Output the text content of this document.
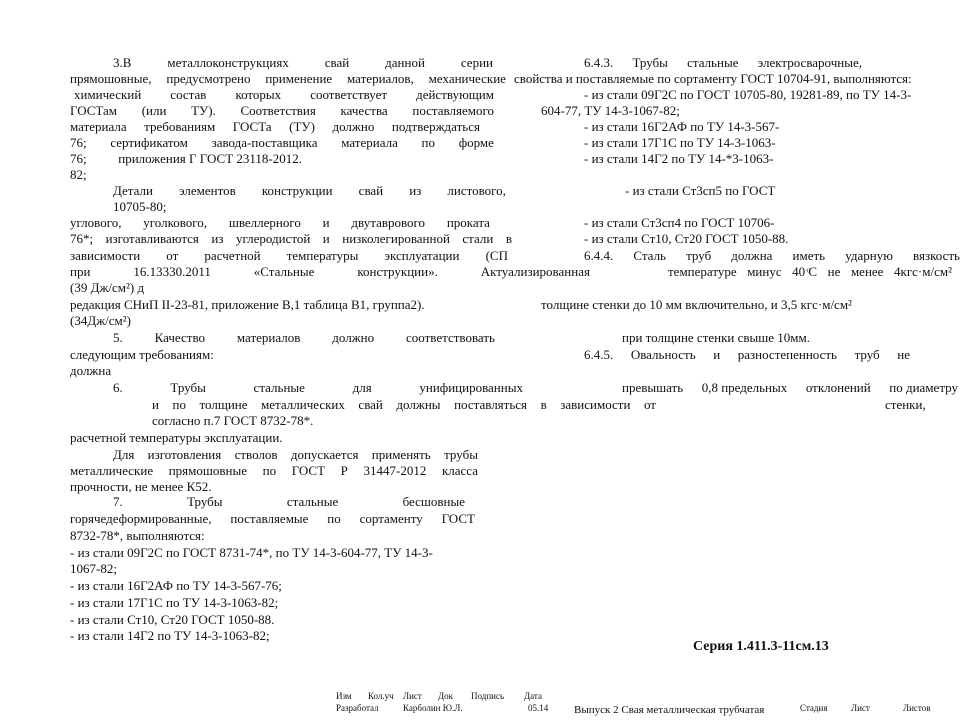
3.В	металлоконструкциях	свай	данной	серии
прямошовные, предусмотрено применение материалов, механические
химический состав которых соответствует действующим
ГОСТам (или ТУ). Соответствия качества поставляемого
материала требованиям ГОСТа (ТУ) должно подтверждаться
76; сертификатом завода-поставщика материала по форме
76; приложения Г ГОСТ 23118-2012.
82;
Детали элементов конструкции свай из листового,
10705-80;
углового, уголкового, швеллерного и двутаврового проката
76*; изготавливаются из углеродистой и низколегированной стали в
зависимости от расчетной температуры эксплуатации (СП
при	16.13330.2011	«Стальные	конструкции».	Актуализированная
(39 Дж/см²) д
редакция СНиП II-23-81, приложение В,1 таблица В1, группа2).
(34Дж/см²)
5. Качество материалов должно соответствовать
следующим требованиям:
должна
6.	Трубы	стальные	для	унифицированных
и по толщине металлических свай должны поставляться в зависимости от
согласно п.7 ГОСТ 8732-78*.
расчетной температуры эксплуатации.
Для изготовления стволов допускается применять трубы
металлические прямошовные по ГОСТ Р 31447-2012 класса
прочности, не менее К52.
7.	Трубы	стальные	бесшовные
горячедеформированные, поставляемые по сортаменту ГОСТ
8732-78*, выполняются:
- из стали 09Г2С по ГОСТ 8731-74*, по ТУ 14-3-604-77, ТУ 14-3-
1067-82;
- из стали 16Г2АФ по ТУ 14-3-567-76;
- из стали 17Г1С по ТУ 14-3-1063-82;
- из стали Ст10, Ст20 ГОСТ 1050-88.
- из стали 14Г2 по ТУ 14-3-1063-82;
6.4.3. Трубы стальные электросварочные,
свойства и поставляемые по сортаменту ГОСТ 10704-91, выполняются:
- из стали 09Г2С по ГОСТ 10705-80, 19281-89, по ТУ 14-3-
604-77, ТУ 14-3-1067-82;
- из стали 16Г2АФ по ТУ 14-3-567-
- из стали 17Г1С по ТУ 14-3-1063-
- из стали 14Г2 по ТУ 14-*3-1063-
- из стали Ст3сп5 по ГОСТ
- из стали Ст3сп4 по ГОСТ 10706-
- из стали Ст10, Ст20 ГОСТ 1050-88.
6.4.4. Сталь труб должна иметь ударную вязкость
температуре минус 40 ͦС не менее 4кгс·м/см²
толщине стенки до 10 мм включительно, и 3,5 кгс·м/см²
при толщине стенки свыше 10мм.
6.4.5. Овальность и разностепенность труб не
превышать 0,8 предельных отклонений по диаметру
стенки,
Серия 1.411.3-11см.13
Изм Кол.уч Лист Док Подпись Дата
Разработал	Карболин Ю.Л.	05.14 Выпуск 2 Свая металлическая трубчатая	Стадия	Лист	Листов
